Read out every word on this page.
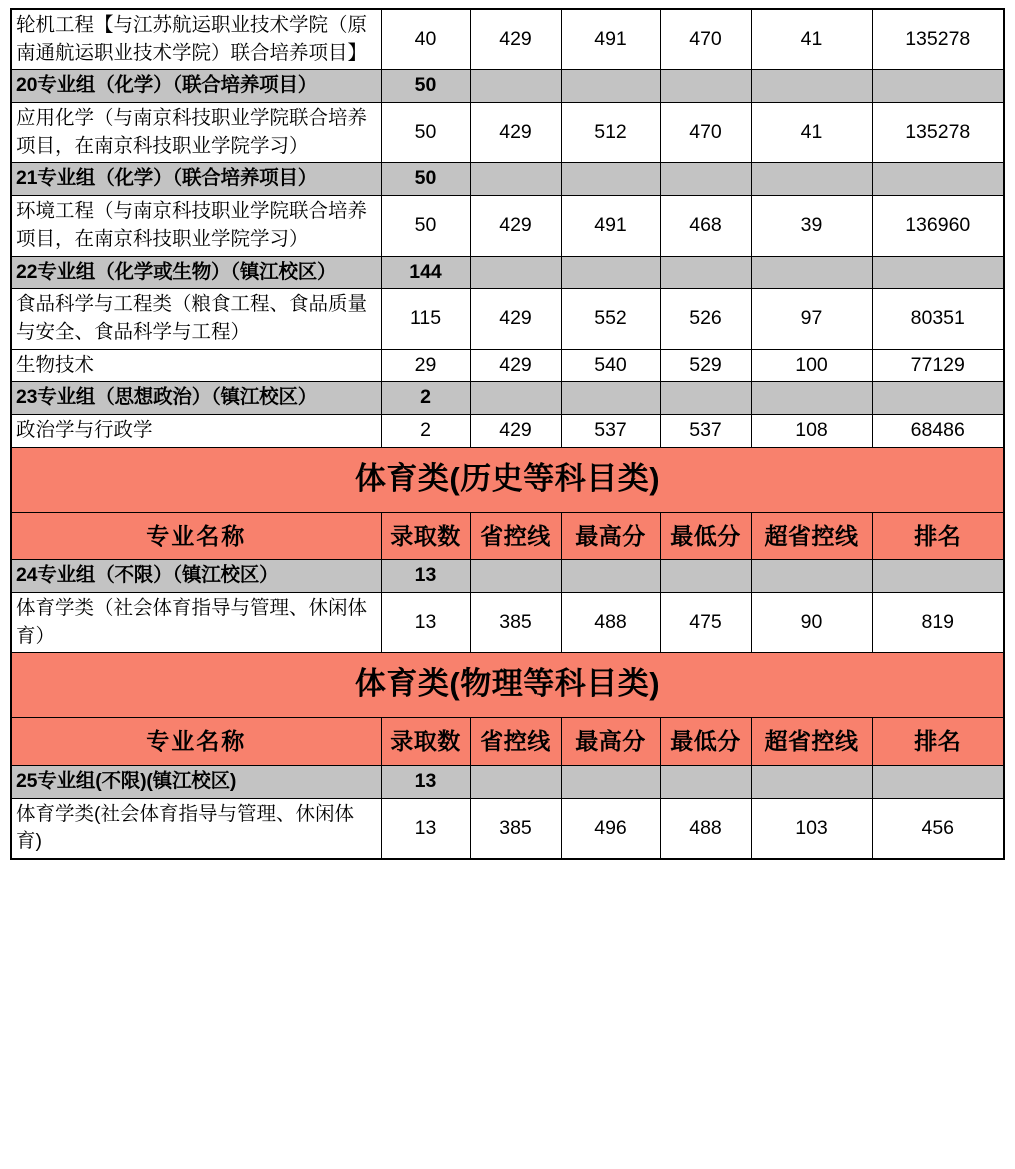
轮机工程【与江苏航运职业技术学院（原南通航运职业技术学院）联合培养项目】	40	429	491	470	41	135278
20专业组（化学）（联合培养项目）	50					
应用化学（与南京科技职业学院联合培养项目，在南京科技职业学院学习）	50	429	512	470	41	135278
21专业组（化学）（联合培养项目）	50					
环境工程（与南京科技职业学院联合培养项目，在南京科技职业学院学习）	50	429	491	468	39	136960
22专业组（化学或生物）（镇江校区）	144					
食品科学与工程类（粮食工程、食品质量与安全、食品科学与工程）	115	429	552	526	97	80351
生物技术	29	429	540	529	100	77129
23专业组（思想政治）（镇江校区）	2					
政治学与行政学	2	429	537	537	108	68486
体育类(历史等科目类)						
专业名称	录取数	省控线	最高分	最低分	超省控线	排名
24专业组（不限）（镇江校区）	13					
体育学类（社会体育指导与管理、休闲体育）	13	385	488	475	90	819
体育类(物理等科目类)						
专业名称	录取数	省控线	最高分	最低分	超省控线	排名
25专业组(不限)(镇江校区)	13					
体育学类(社会体育指导与管理、休闲体育)	13	385	496	488	103	456
